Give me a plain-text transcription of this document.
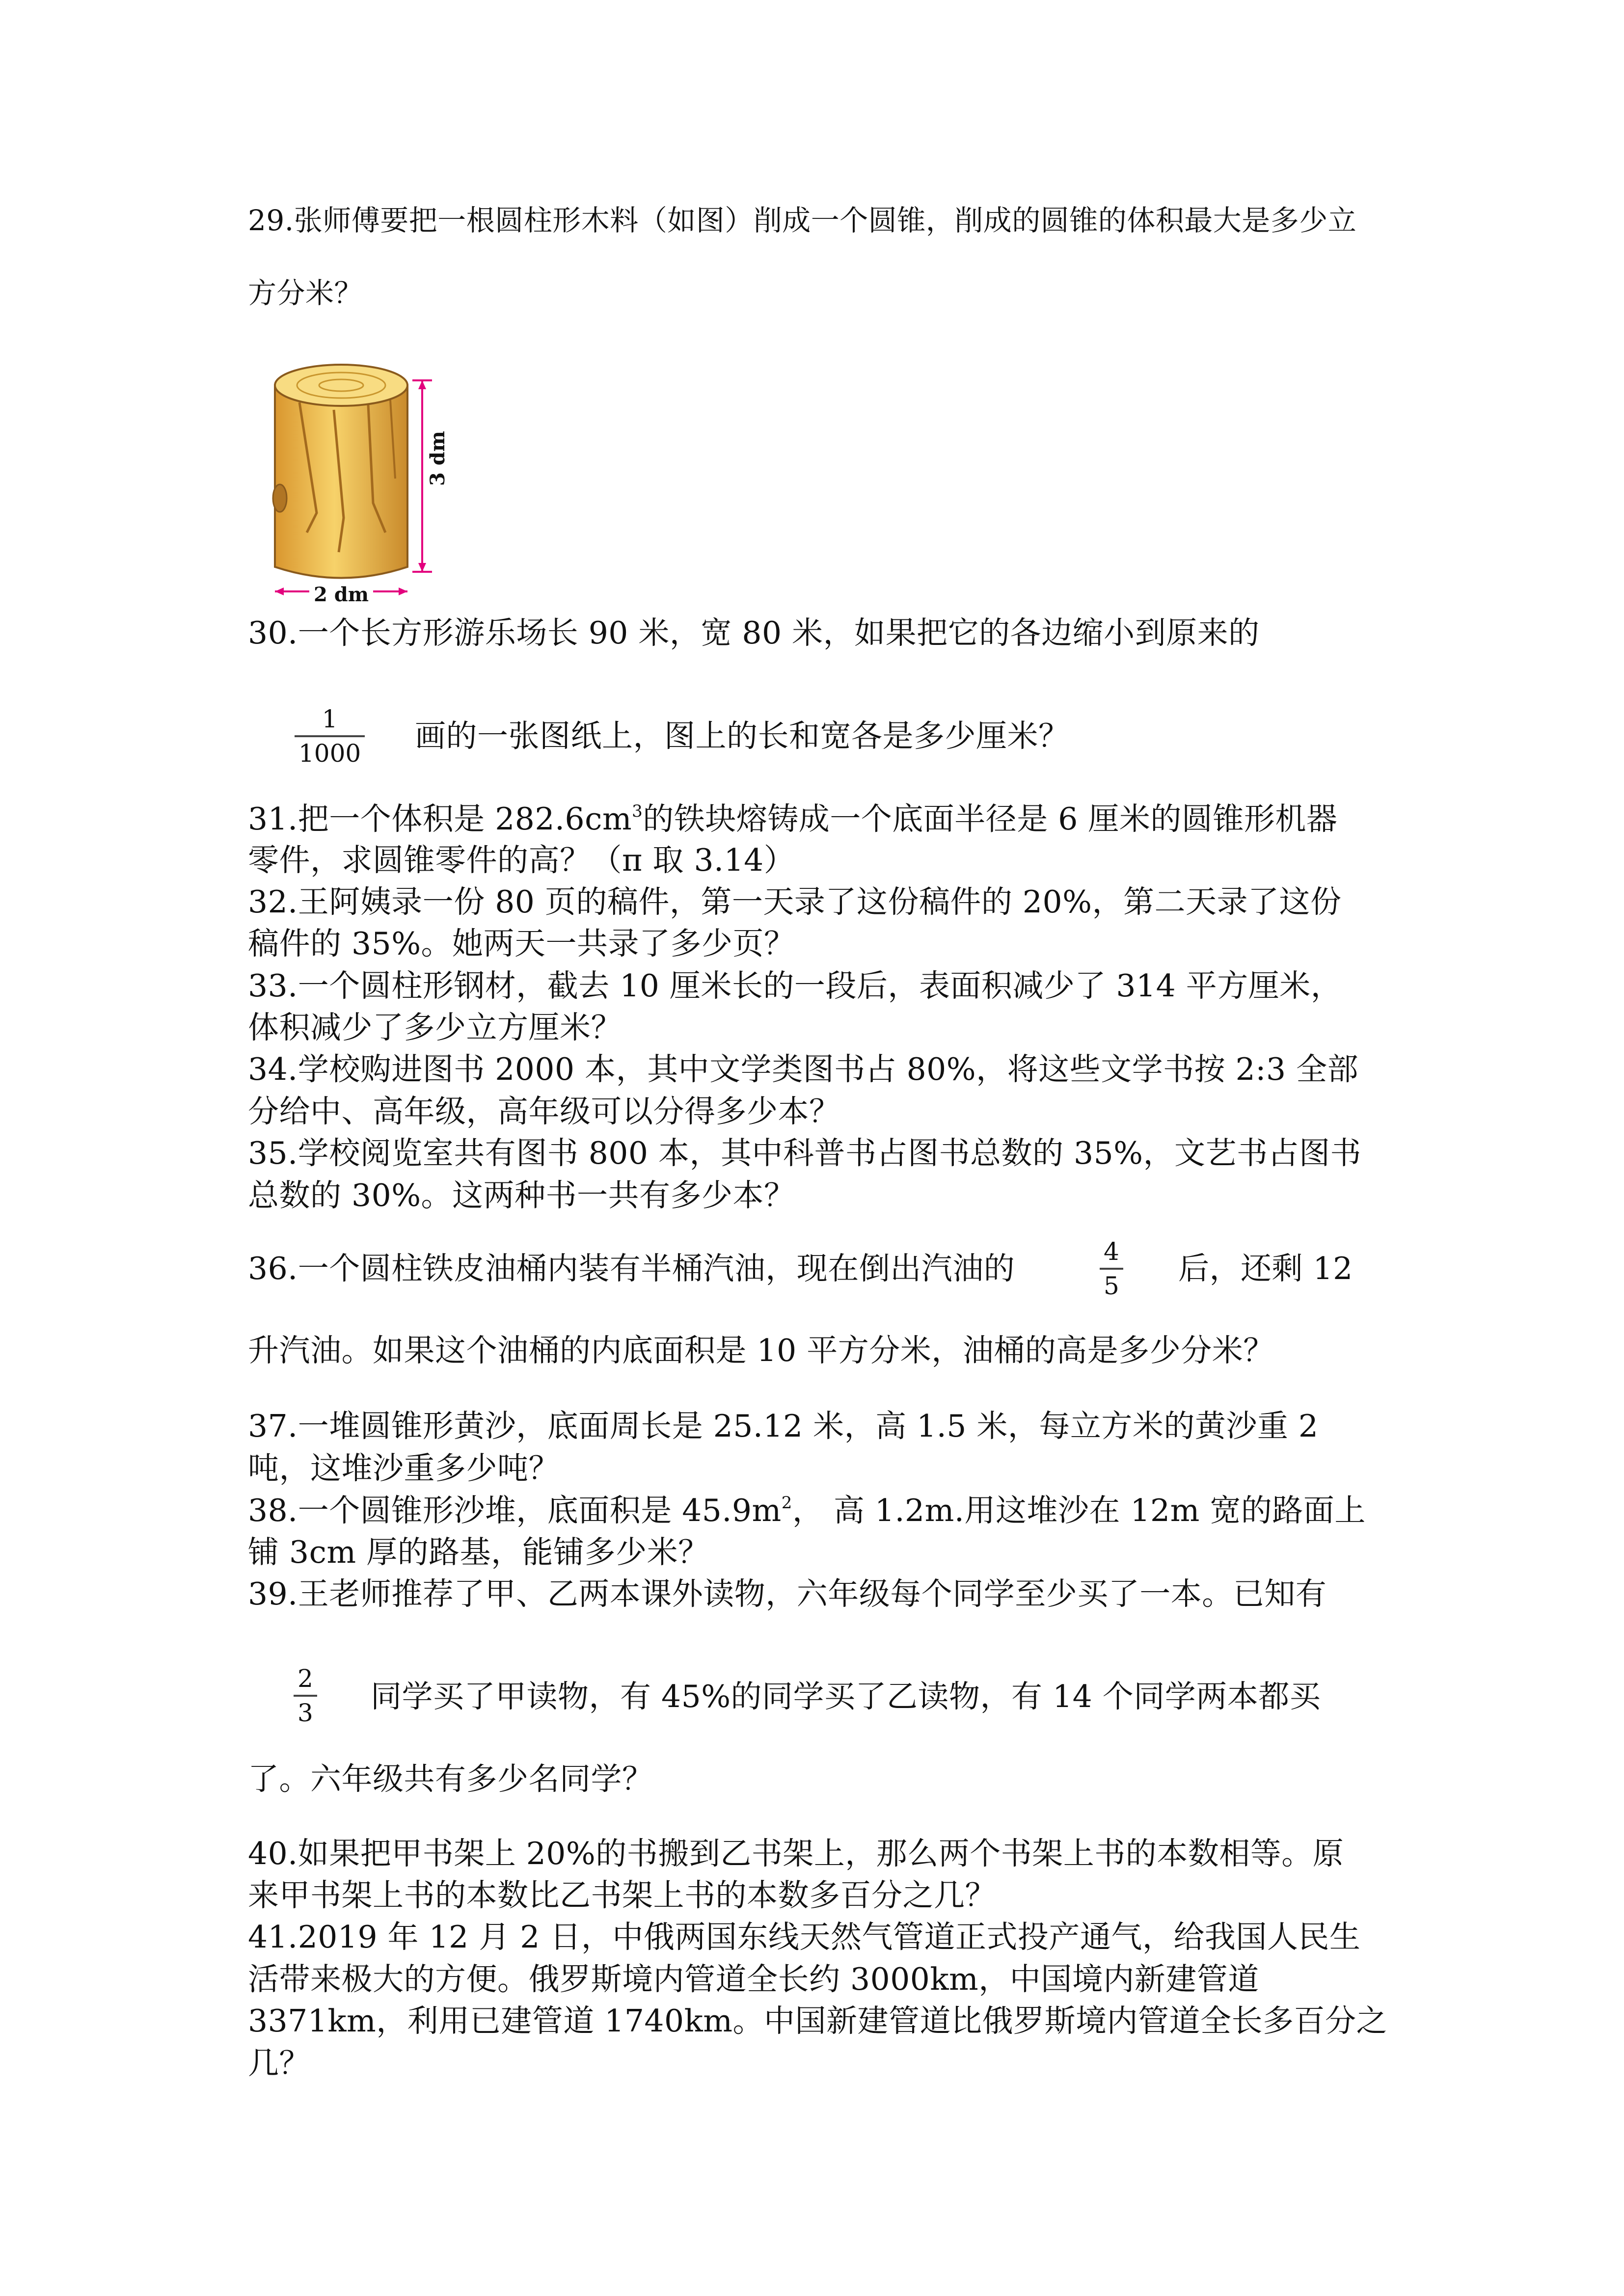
29.张师傅要把一根圆柱形木料（如图）削成一个圆锥，削成的圆锥的体积最大是多少立
方分米？
3 dm
2 dm
30.一个长方形游乐场长 90 米，宽 80 米，如果把它的各边缩小到原来的
$\frac{1}{1000}$ 画的一张图纸上，图上的长和宽各是多少厘米？
31.把一个体积是 $282.6cm^3$的铁块熔铸成一个底面半径是 6 厘米的圆锥形机器
零件，求圆锥零件的高？（π 取 3.14）
32.王阿姨录一份 80 页的稿件，第一天录了这份稿件的 20%，第二天录了这份
稿件的 35%。她两天一共录了多少页？
33.一个圆柱形钢材，截去 10 厘米长的一段后，表面积减少了 314 平方厘米，
体积减少了多少立方厘米？
34.学校购进图书 2000 本，其中文学类图书占 80%，将这些文学书按 2:3 全部
分给中、高年级，高年级可以分得多少本？
35.学校阅览室共有图书 800 本，其中科普书占图书总数的 35%，文艺书占图书
总数的 30%。这两种书一共有多少本？
36.一个圆柱铁皮油桶内装有半桶汽油，现在倒出汽油的	$\frac{4}{5}$ 后，还剩 12
升汽油。如果这个油桶的内底面积是 10 平方分米，油桶的高是多少分米？
37.一堆圆锥形黄沙，底面周长是 25.12 米，高 1.5 米，每立方米的黄沙重 2
吨，这堆沙重多少吨？
38.一个圆锥形沙堆，底面积是 $45.9m^2$， 高 1.2m.用这堆沙在 12m 宽的路面上
铺 3cm 厚的路基，能铺多少米？
39.王老师推荐了甲、乙两本课外读物，六年级每个同学至少买了一本。已知有
$\frac{2}{3}$ 同学买了甲读物，有 45%的同学买了乙读物，有 14 个同学两本都买
了。六年级共有多少名同学？
40.如果把甲书架上 20%的书搬到乙书架上，那么两个书架上书的本数相等。原
来甲书架上书的本数比乙书架上书的本数多百分之几？
41.2019 年 12 月 2 日，中俄两国东线天然气管道正式投产通气，给我国人民生
活带来极大的方便。俄罗斯境内管道全长约 3000km，中国境内新建管道
3371km，利用已建管道 1740km。中国新建管道比俄罗斯境内管道全长多百分之
几？
